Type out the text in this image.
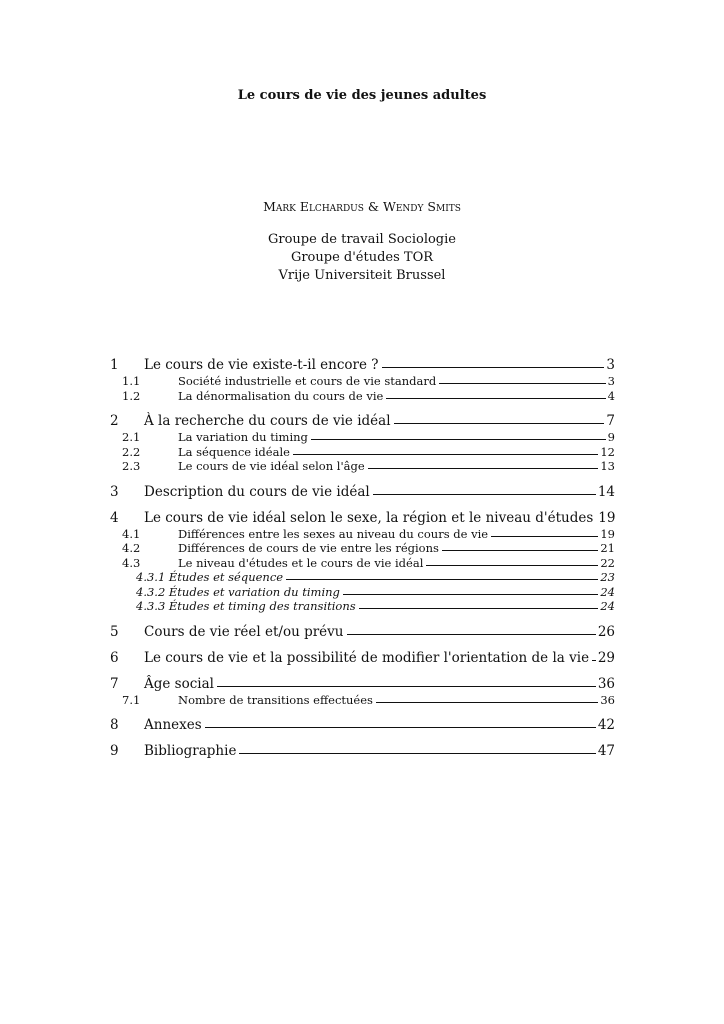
Le cours de vie des jeunes adultes
Mark Elchardus & Wendy Smits
Groupe de travail Sociologie
Groupe d'études TOR
Vrije Universiteit Brussel
1 Le cours de vie existe-t-il encore ?	3
1.1	Société industrielle et cours de vie standard	3
1.2	La dénormalisation du cours de vie	4
2 À la recherche du cours de vie idéal	7
2.1	La variation du timing	9
2.2	La séquence idéale	12
2.3	Le cours de vie idéal selon l'âge	13
3 Description du cours de vie idéal	14
4 Le cours de vie idéal selon le sexe, la région et le niveau d'études 19
4.1	Différences entre les sexes au niveau du cours de vie	19
4.2	Différences de cours de vie entre les régions	21
4.3	Le niveau d'études et le cours de vie idéal	22
4.3.1 Études et séquence	23
4.3.2 Études et variation du timing	24
4.3.3 Études et timing des transitions	24
5 Cours de vie réel et/ou prévu	26
6 Le cours de vie et la possibilité de modifier l'orientation de la vie 29
7 Âge social	36
7.1	Nombre de transitions effectuées	36
8 Annexes	42
9 Bibliographie	47
